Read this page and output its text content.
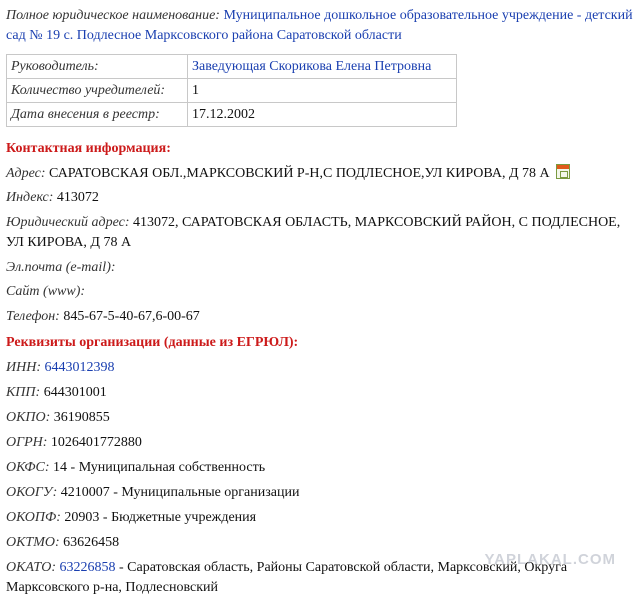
Полное юридическое наименование: Муниципальное дошкольное образовательное учреждение - детский сад № 19 с. Подлесное Марксовского района Саратовской области
Руководитель:	Заведующая Скорикова Елена Петровна
Количество учредителей:	1
Дата внесения в реестр:	17.12.2002
Контактная информация:
Адрес: САРАТОВСКАЯ ОБЛ.,МАРКСОВСКИЙ Р-Н,С ПОДЛЕСНОЕ,УЛ КИРОВА, Д 78 А
Индекс: 413072
Юридический адрес: 413072, САРАТОВСКАЯ ОБЛАСТЬ, МАРКСОВСКИЙ РАЙОН, С ПОДЛЕСНОЕ, УЛ КИРОВА, Д 78 А
Эл.почта (e-mail):
Сайт (www):
Телефон: 845-67-5-40-67,6-00-67
Реквизиты организации (данные из ЕГРЮЛ):
ИНН: 6443012398
КПП: 644301001
ОКПО: 36190855
ОГРН: 1026401772880
ОКФС: 14 - Муниципальная собственность
ОКОГУ: 4210007 - Муниципальные организации
ОКОПФ: 20903 - Бюджетные учреждения
ОКТМО: 63626458
ОКАТО: 63226858 - Саратовская область, Районы Саратовской области, Марксовский, Округа Марксовского р-на, Подлесновский
YAPLAKAL.COM
